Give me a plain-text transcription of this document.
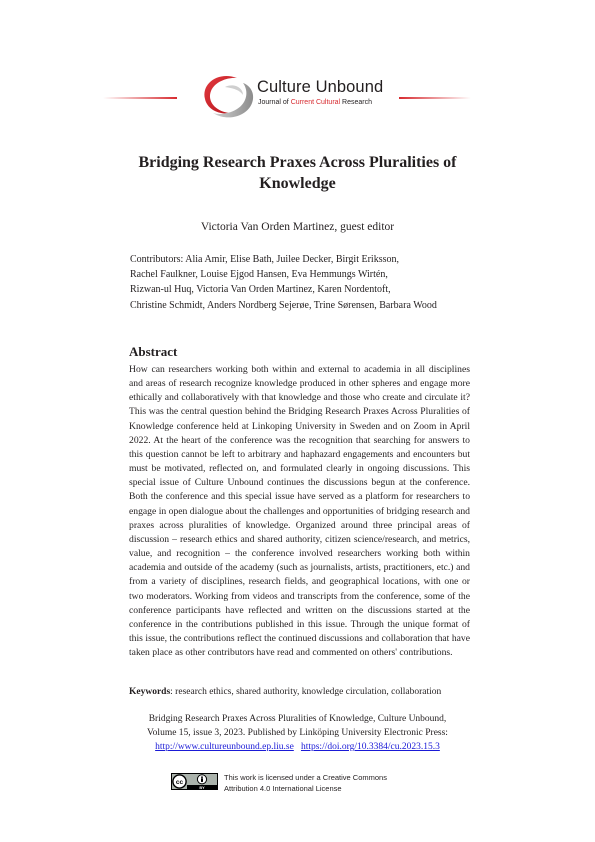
Culture Unbound
Journal of Current Cultural Research
Bridging Research Praxes Across Pluralities of Knowledge
Victoria Van Orden Martinez, guest editor
Contributors: Alia Amir, Elise Bath, Juilee Decker, Birgit Eriksson,
Rachel Faulkner, Louise Ejgod Hansen, Eva Hemmungs Wirtén,
Rizwan-ul Huq, Victoria Van Orden Martinez, Karen Nordentoft,
Christine Schmidt, Anders Nordberg Sejerøe, Trine Sørensen, Barbara Wood
Abstract
How can researchers working both within and external to academia in all disciplines and areas of research recognize knowledge produced in other spheres and engage more ethically and collaboratively with that knowledge and those who create and circulate it? This was the central question behind the Bridging Research Praxes Across Pluralities of Knowledge conference held at Linkoping University in Sweden and on Zoom in April 2022. At the heart of the conference was the recognition that searching for answers to this question cannot be left to arbitrary and haphazard engagements and encounters but must be motivated, reflected on, and formulated clearly in ongoing discussions. This special issue of Culture Unbound continues the discussions begun at the conference. Both the conference and this special issue have served as a platform for researchers to engage in open dialogue about the challenges and opportunities of bridging research and praxes across pluralities of knowledge. Organized around three principal areas of discussion – research ethics and shared authority, citizen science/research, and metrics, value, and recognition – the conference involved researchers working both within academia and outside of the academy (such as journalists, artists, practitioners, etc.) and from a variety of disciplines, research fields, and geographical locations, with one or two moderators. Working from videos and transcripts from the conference, some of the conference participants have reflected and written on the discussions started at the conference in the contributions published in this issue. Through the unique format of this issue, the contributions reflect the continued discussions and collaboration that have taken place as other contributors have read and commented on others' contributions.
Keywords: research ethics, shared authority, knowledge circulation, collaboration
Bridging Research Praxes Across Pluralities of Knowledge, Culture Unbound,
Volume 15, issue 3, 2023. Published by Linköping University Electronic Press:
http://www.cultureunbound.ep.liu.se https://doi.org/10.3384/cu.2023.15.3
cc
BY
This work is licensed under a Creative Commons
Attribution 4.0 International License
